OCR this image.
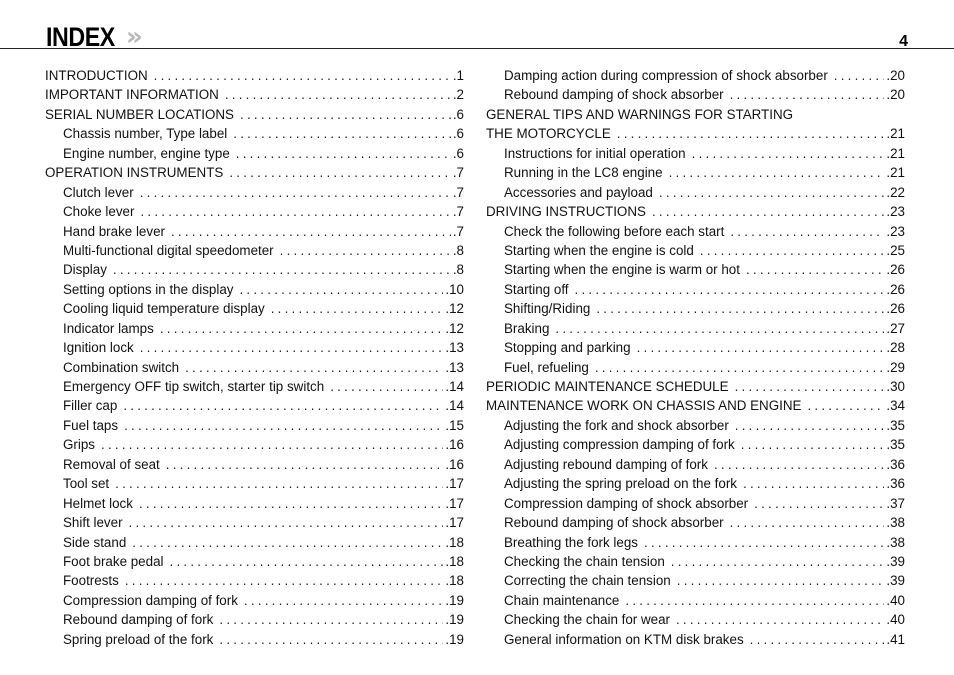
INDEX »	4
INTRODUCTION . . .	.1
IMPORTANT INFORMATION . . .	.2
SERIAL NUMBER LOCATIONS . . .	.6
Chassis number, Type label . . .	.6
Engine number, engine type . . .	.6
OPERATION INSTRUMENTS . . .	.7
Clutch lever . . .	.7
Choke lever . . .	.7
Hand brake lever . . .	.7
Multi-functional digital speedometer . . .	.8
Display . . .	.8
Setting options in the display . . .	.10
Cooling liquid temperature display . . .	.12
Indicator lamps . . .	.12
Ignition lock . . .	.13
Combination switch . . .	.13
Emergency OFF tip switch, starter tip switch . . .	.14
Filler cap . . .	.14
Fuel taps . . .	.15
Grips . . .	.16
Removal of seat . . .	.16
Tool set . . .	.17
Helmet lock . . .	.17
Shift lever . . .	.17
Side stand . . .	.18
Foot brake pedal . . .	.18
Footrests . . .	.18
Compression damping of fork . . .	.19
Rebound damping of fork . . .	.19
Spring preload of the fork . . .	.19
Damping action during compression of shock absorber . . .	.20
Rebound damping of shock absorber . . .	.20
GENERAL TIPS AND WARNINGS FOR STARTING
THE MOTORCYCLE . . .	.21
Instructions for initial operation . . .	.21
Running in the LC8 engine . . .	.21
Accessories and payload . . .	.22
DRIVING INSTRUCTIONS . . .	.23
Check the following before each start . . .	.23
Starting when the engine is cold . . .	.25
Starting when the engine is warm or hot . . .	.26
Starting off . . .	.26
Shifting/Riding . . .	.26
Braking . . .	.27
Stopping and parking . . .	.28
Fuel, refueling . . .	.29
PERIODIC MAINTENANCE SCHEDULE . . .	.30
MAINTENANCE WORK ON CHASSIS AND ENGINE . . .	.34
Adjusting the fork and shock absorber . . .	.35
Adjusting compression damping of fork . . .	.35
Adjusting rebound damping of fork . . .	.36
Adjusting the spring preload on the fork . . .	.36
Compression damping of shock absorber . . .	.37
Rebound damping of shock absorber . . .	.38
Breathing the fork legs . . .	.38
Checking the chain tension . . .	.39
Correcting the chain tension . . .	.39
Chain maintenance . . .	.40
Checking the chain for wear . . .	.40
General information on KTM disk brakes . . .	.41
